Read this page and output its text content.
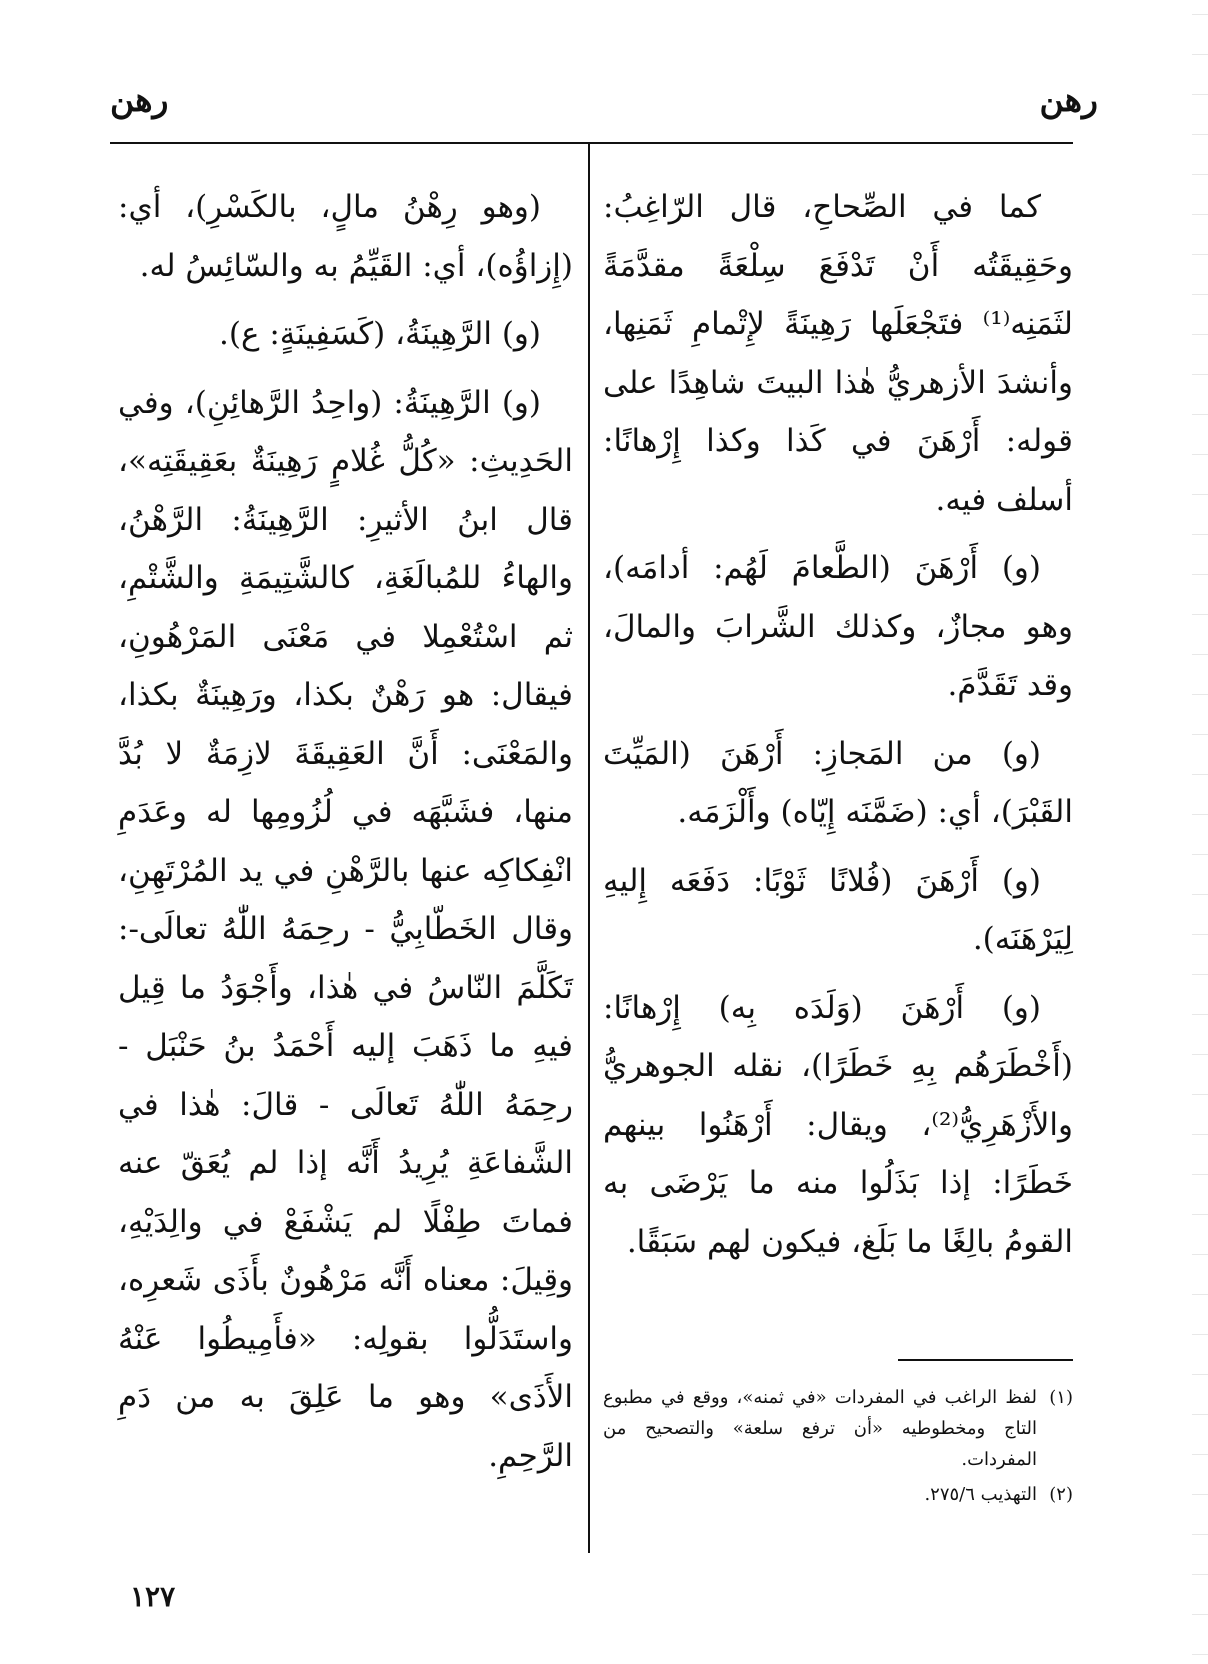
رهن
رهن

كما في الصِّحاحِ، قال الرّاغِبُ: وحَقِيقَتُه أَنْ تَدْفَعَ سِلْعَةً مقدَّمَةً لثَمَنِه⁽¹⁾ فتَجْعَلَها رَهِينَةً لإِتْمامِ ثَمَنِها، وأنشدَ الأزهريُّ هٰذا البيتَ شاهِدًا على قوله: أَرْهَنَ في كَذا وكذا إِرْهانًا: أسلف فيه.

(و) أَرْهَنَ (الطَّعامَ لَهُم: أدامَه)، وهو مجازٌ، وكذلك الشَّرابَ والمالَ، وقد تَقَدَّمَ.

(و) من المَجازِ: أَرْهَنَ (المَيِّتَ القَبْرَ)، أي: (ضَمَّنَه إِيّاه) وأَلْزَمَه.

(و) أَرْهَنَ (فُلانًا ثَوْبًا: دَفَعَه إِليهِ لِيَرْهَنَه).

(و) أَرْهَنَ (وَلَدَه بِه) إِرْهانًا: (أَخْطَرَهُم بِهِ خَطَرًا)، نقله الجوهريُّ والأَزْهَرِيُّ⁽²⁾، ويقال: أَرْهَنُوا بينهم خَطَرًا: إذا بَذَلُوا منه ما يَرْضَى به القومُ بالِغًا ما بَلَغ، فيكون لهم سَبَقًا.

(وهو رِهْنُ مالٍ، بالكَسْرِ)، أي: (إِزاؤُه)، أي: القَيِّمُ به والسّائِسُ له.

(و) الرَّهِينَةُ، (كَسَفِينَةٍ: ع).

(و) الرَّهِينَةُ: (واحِدُ الرَّهائِنِ)، وفي الحَدِيثِ: «كُلُّ غُلامٍ رَهِينَةٌ بعَقِيقَتِه»، قال ابنُ الأثيرِ: الرَّهِينَةُ: الرَّهْنُ، والهاءُ للمُبالَغَةِ، كالشَّتِيمَةِ والشَّتْمِ، ثم اسْتُعْمِلا في مَعْنَى المَرْهُونِ، فيقال: هو رَهْنٌ بكذا، ورَهِينَةٌ بكذا، والمَعْنَى: أَنَّ العَقِيقَةَ لازِمَةٌ لا بُدَّ منها، فشَبَّهَه في لُزُومِها له وعَدَمِ انْفِكاكِه عنها بالرَّهْنِ في يد المُرْتَهِنِ، وقال الخَطّابِيُّ - رحِمَهُ اللّٰهُ تعالَى-: تَكَلَّمَ النّاسُ في هٰذا، وأَجْوَدُ ما قِيل فيهِ ما ذَهَبَ إليه أَحْمَدُ بنُ حَنْبَل - رحِمَهُ اللّٰهُ تَعالَى - قالَ: هٰذا في الشَّفاعَةِ يُرِيدُ أَنَّه إذا لم يُعَقّ عنه فماتَ طِفْلًا لم يَشْفَعْ في والِدَيْهِ، وقِيلَ: معناه أَنَّه مَرْهُونٌ بأَذَى شَعرِه، واستَدَلُّوا بقولِه: «فأَمِيطُوا عَنْهُ الأَذَى» وهو ما عَلِقَ به من دَمِ الرَّحِمِ.

(١)
لفظ الراغب في المفردات «في ثمنه»، ووقع في مطبوع التاج ومخطوطيه «أن ترفع سلعة» والتصحيح من المفردات.
(٢)
التهذيب ٢٧٥/٦.
١٢٧
